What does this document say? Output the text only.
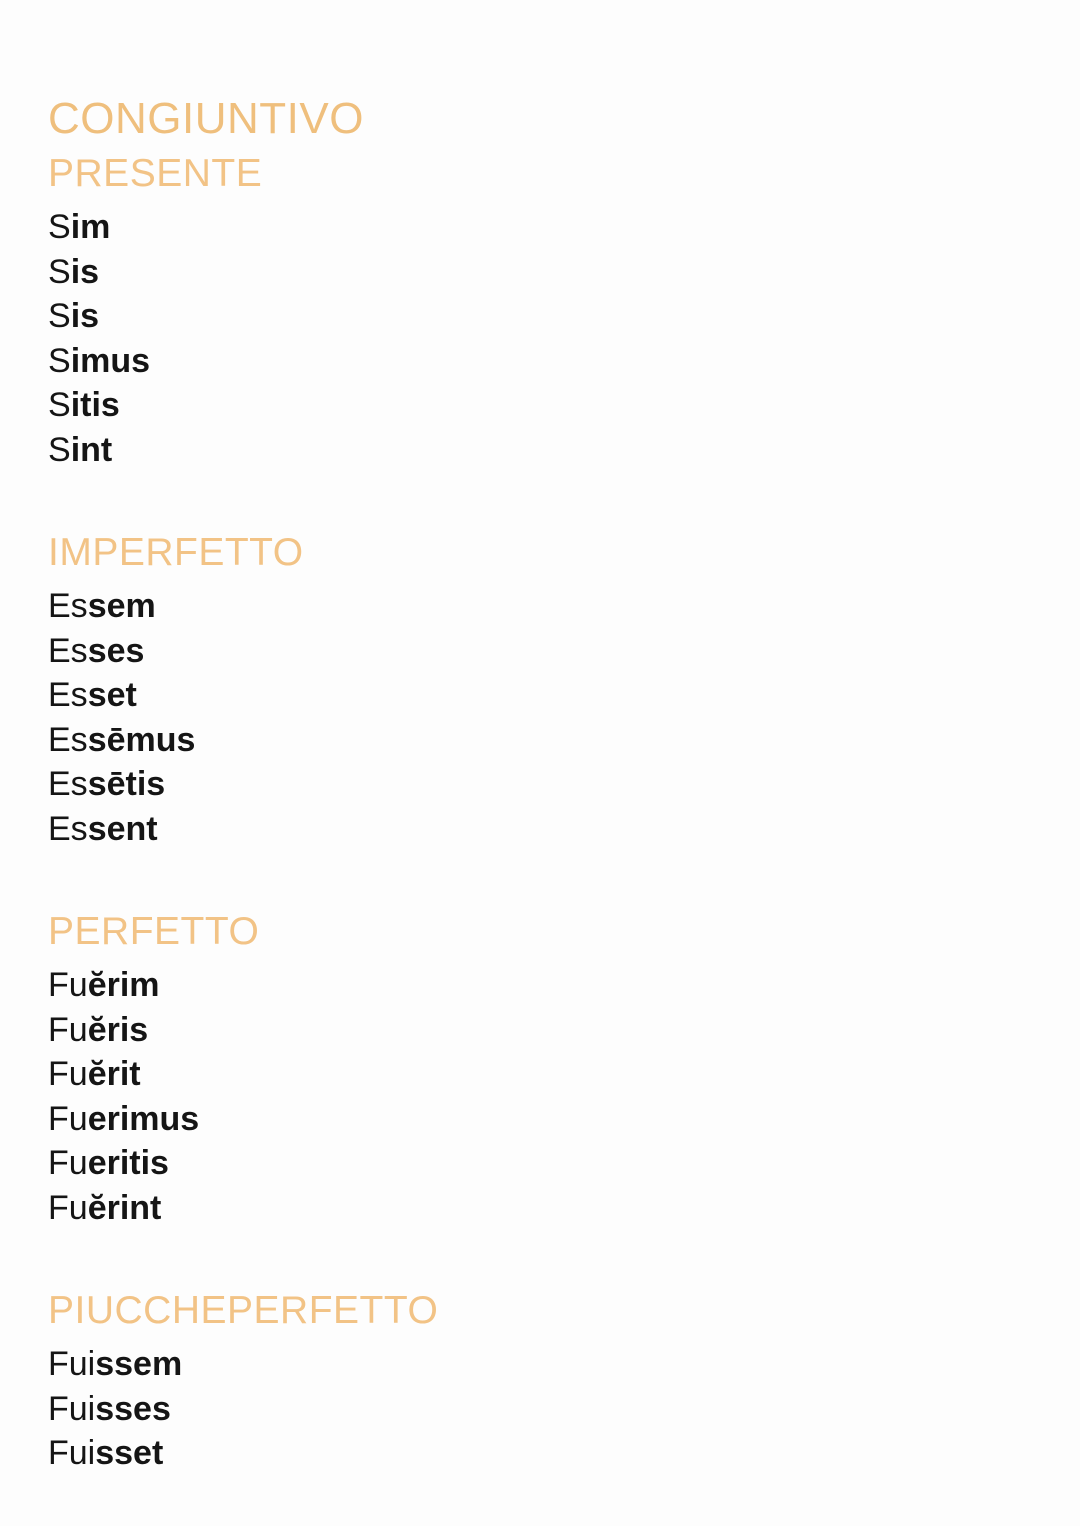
CONGIUNTIVO
PRESENTE
Sim
Sis
Sis
Simus
Sitis
Sint
IMPERFETTO
Essem
Esses
Esset
Essēmus
Essētis
Essent
PERFETTO
Fuĕrim
Fuĕris
Fuĕrit
Fuerimus
Fueritis
Fuĕrint
PIUCCHEPERFETTO
Fuissem
Fuisses
Fuisset
